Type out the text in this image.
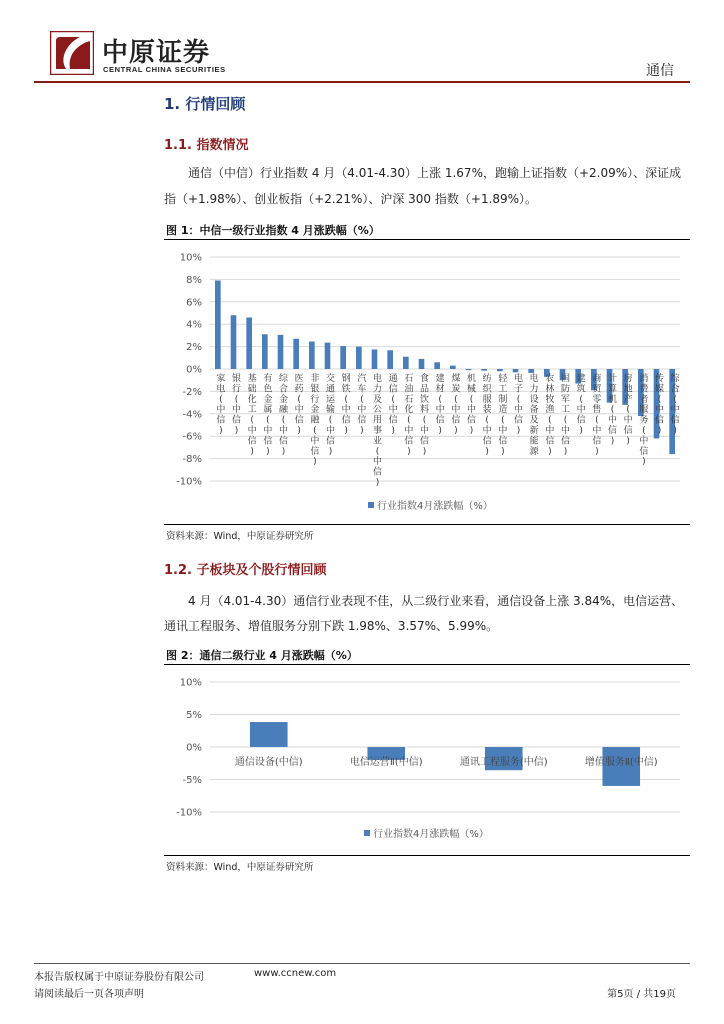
中原证券
CENTRAL CHINA SECURITIES	通信
1. 行情回顾
1.1. 指数情况
通信（中信）行业指数 4 月（4.01-4.30）上涨 1.67%，跑输上证指数（+2.09%）、深证成
指（+1.98%）、创业板指（+2.21%）、沪深 300 指数（+1.89%）。
图 1：中信一级行业指数 4 月涨跌幅（%）
-10%
-8%
-6%
-4%
-2%
0%
2%
4%
6%
8%
10%
家
电
(
中
信
)
银
行
(
中
信
)
基
础
化
工
(
中
信
)
有
色
金
属
(
中
信
)
综
合
金
融
(
中
信
)
医
药
(
中
信
)
非
银
行
金
融
(
中
信
)
交
通
运
输
(
中
信
)
钢
铁
(
中
信
)
汽
车
(
中
信
)
电
力
及
公
用
事
业
(
中
信
)
通
信
(
中
信
)
石
油
石
化
(
中
信
)
食
品
饮
料
(
中
信
)
建
材
(
中
信
)
煤
炭
(
中
信
)
机
械
(
中
信
)
纺
织
服
装
(
中
信
)
轻
工
制
造
(
中
信
)
电
子
(
中
信
)
电
力
设
备
及
新
能
源
农
林
牧
渔
(
中
信
)
国
防
军
工
(
中
信
)
建
筑
(
中
信
)
商
贸
零
售
(
中
信
)
计
算
机
(
中
信
)
房
地
产
(
中
信
)
消
费
者
服
务
(
中
信
)
传
媒
(
中
信
)
综
合
(
中
信
)
行业指数4月涨跌幅（%）
资料来源：Wind，中原证券研究所
1.2. 子板块及个股行情回顾
4 月（4.01-4.30）通信行业表现不佳，从二级行业来看，通信设备上涨 3.84%，电信运营、
通讯工程服务、增值服务分别下跌 1.98%、3.57%、5.99%。
图 2：通信二级行业 4 月涨跌幅（%）
-10%
-5%
0%
5%
10%
通信设备(中信)	电信运营Ⅱ(中信)	通讯工程服务(中信)	增值服务Ⅱ(中信)
行业指数4月涨跌幅（%）
资料来源：Wind，中原证券研究所
本报告版权属于中原证券股份有限公司	www.ccnew.com
请阅读最后一页各项声明	第5页 / 共19页
